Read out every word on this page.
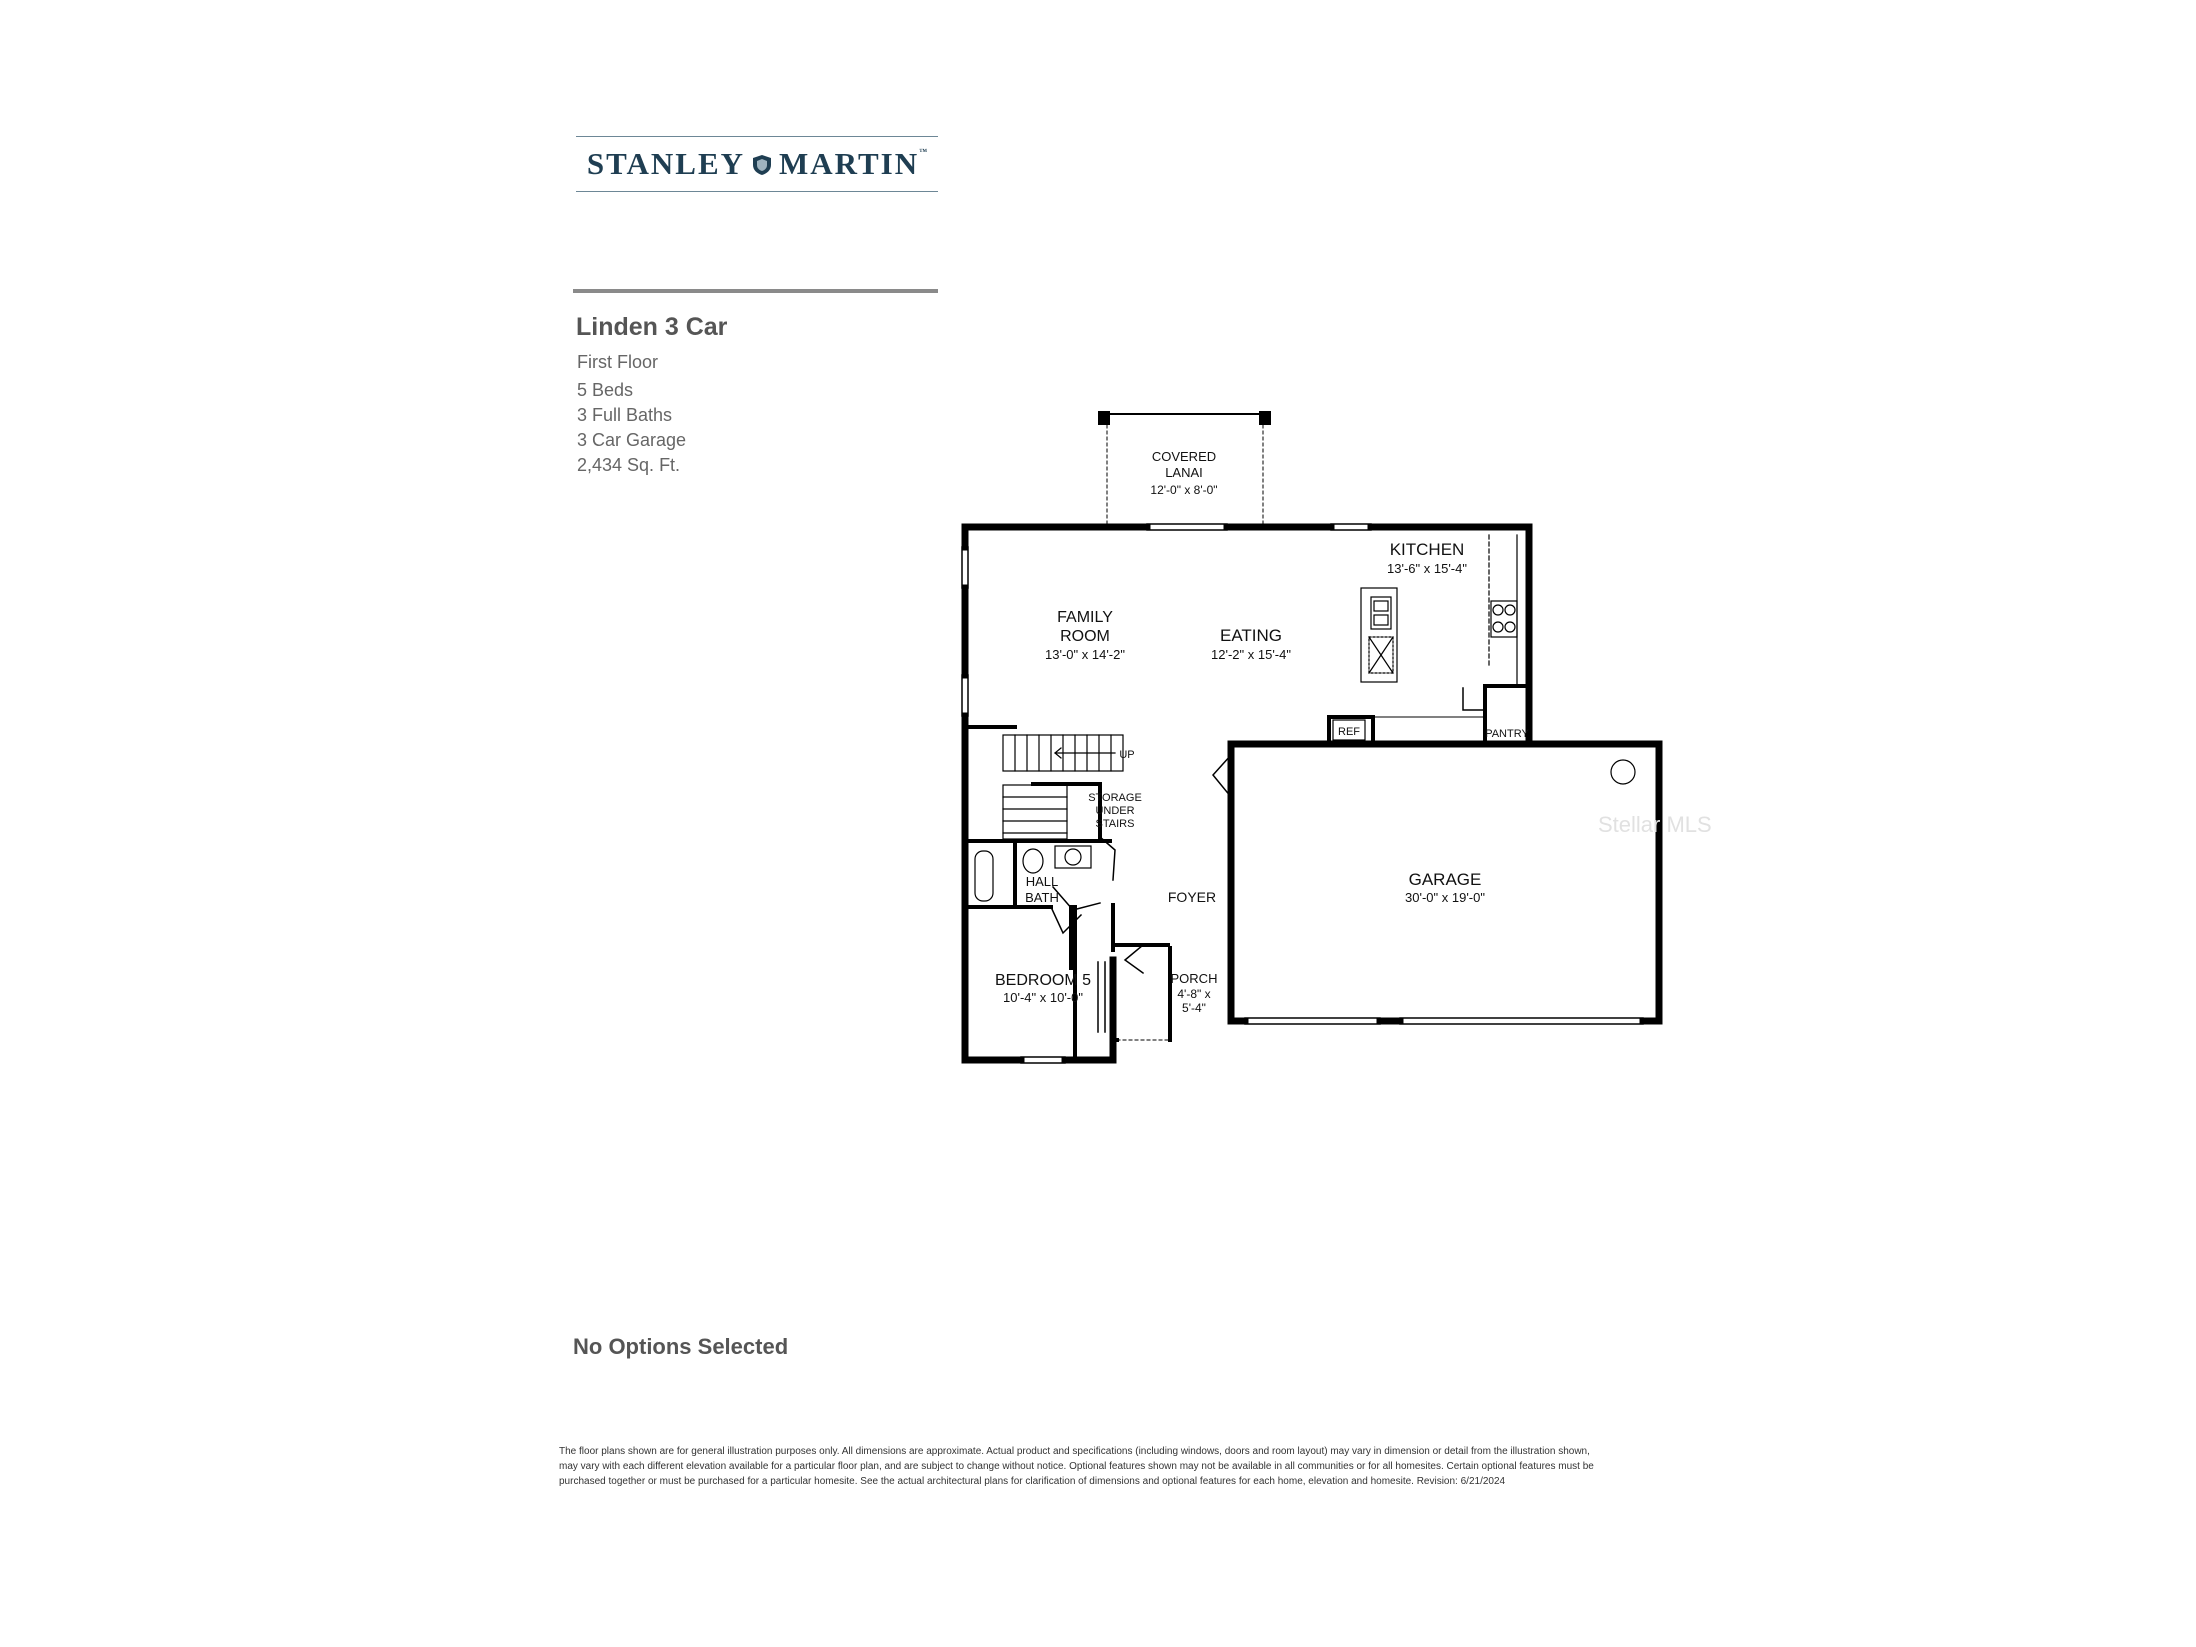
STANLEY MARTIN™
Linden 3 Car
First Floor
5 Beds
3 Full Baths
3 Car Garage
2,434 Sq. Ft.	COVERED
LANAI
12'-0" x 8'-0"
KITCHEN
13'-6" x 15'-4"
FAMILY
ROOM
13'-0" x 14'-2"
EATING
12'-2" x 15'-4"
REF	PANTRY
UP
STORAGE
UNDER
STAIRS
HALL
BATH	FOYER
GARAGE
30'-0" x 19'-0"
BEDROOM 5
10'-4" x 10'-0"
PORCH
4'-8" x
5'-4"
Stellar MLS
No Options Selected
The floor plans shown are for general illustration purposes only. All dimensions are approximate. Actual product and specifications (including windows, doors and room layout) may vary in dimension or detail from the illustration shown, may vary with each different elevation available for a particular floor plan, and are subject to change without notice. Optional features shown may not be available in all communities or for all homesites. Certain optional features must be purchased together or must be purchased for a particular homesite. See the actual architectural plans for clarification of dimensions and optional features for each home, elevation and homesite. Revision: 6/21/2024
